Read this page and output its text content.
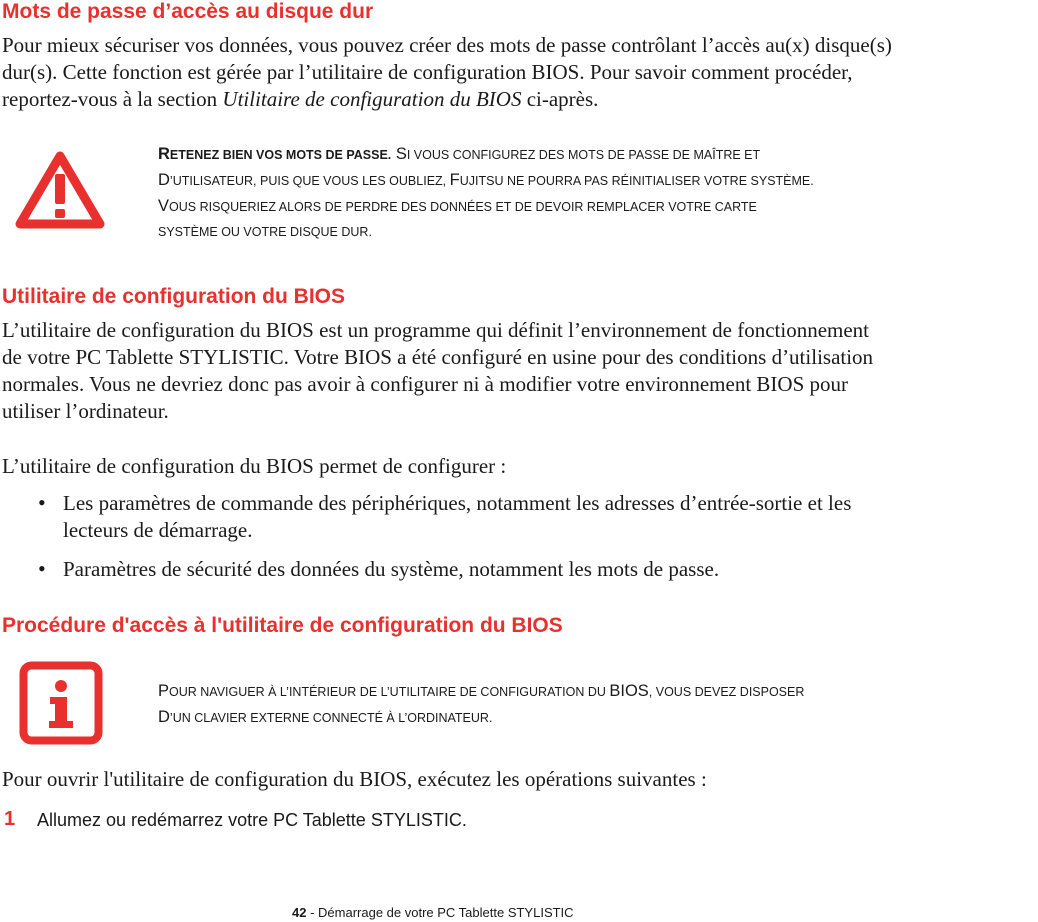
Mots de passe d’accès au disque dur
Pour mieux sécuriser vos données, vous pouvez créer des mots de passe contrôlant l’accès au(x) disque(s)
dur(s). Cette fonction est gérée par l’utilitaire de configuration BIOS. Pour savoir comment procéder,
reportez-vous à la section Utilitaire de configuration du BIOS ci-après.
RETENEZ BIEN VOS MOTS DE PASSE. SI VOUS CONFIGUREZ DES MOTS DE PASSE DE MAÎTRE ET
D’UTILISATEUR, PUIS QUE VOUS LES OUBLIEZ, FUJITSU NE POURRA PAS RÉINITIALISER VOTRE SYSTÈME.
VOUS RISQUERIEZ ALORS DE PERDRE DES DONNÉES ET DE DEVOIR REMPLACER VOTRE CARTE
SYSTÈME OU VOTRE DISQUE DUR.
Utilitaire de configuration du BIOS
L’utilitaire de configuration du BIOS est un programme qui définit l’environnement de fonctionnement
de votre PC Tablette STYLISTIC. Votre BIOS a été configuré en usine pour des conditions d’utilisation
normales. Vous ne devriez donc pas avoir à configurer ni à modifier votre environnement BIOS pour
utiliser l’ordinateur.
L’utilitaire de configuration du BIOS permet de configurer :
• Les paramètres de commande des périphériques, notamment les adresses d’entrée-sortie et les
lecteurs de démarrage.
• Paramètres de sécurité des données du système, notamment les mots de passe.
Procédure d'accès à l'utilitaire de configuration du BIOS
POUR NAVIGUER À L’INTÉRIEUR DE L’UTILITAIRE DE CONFIGURATION DU BIOS, VOUS DEVEZ DISPOSER
D’UN CLAVIER EXTERNE CONNECTÉ À L’ORDINATEUR.
Pour ouvrir l'utilitaire de configuration du BIOS, exécutez les opérations suivantes :
1 Allumez ou redémarrez votre PC Tablette STYLISTIC.
42 - Démarrage de votre PC Tablette STYLISTIC
